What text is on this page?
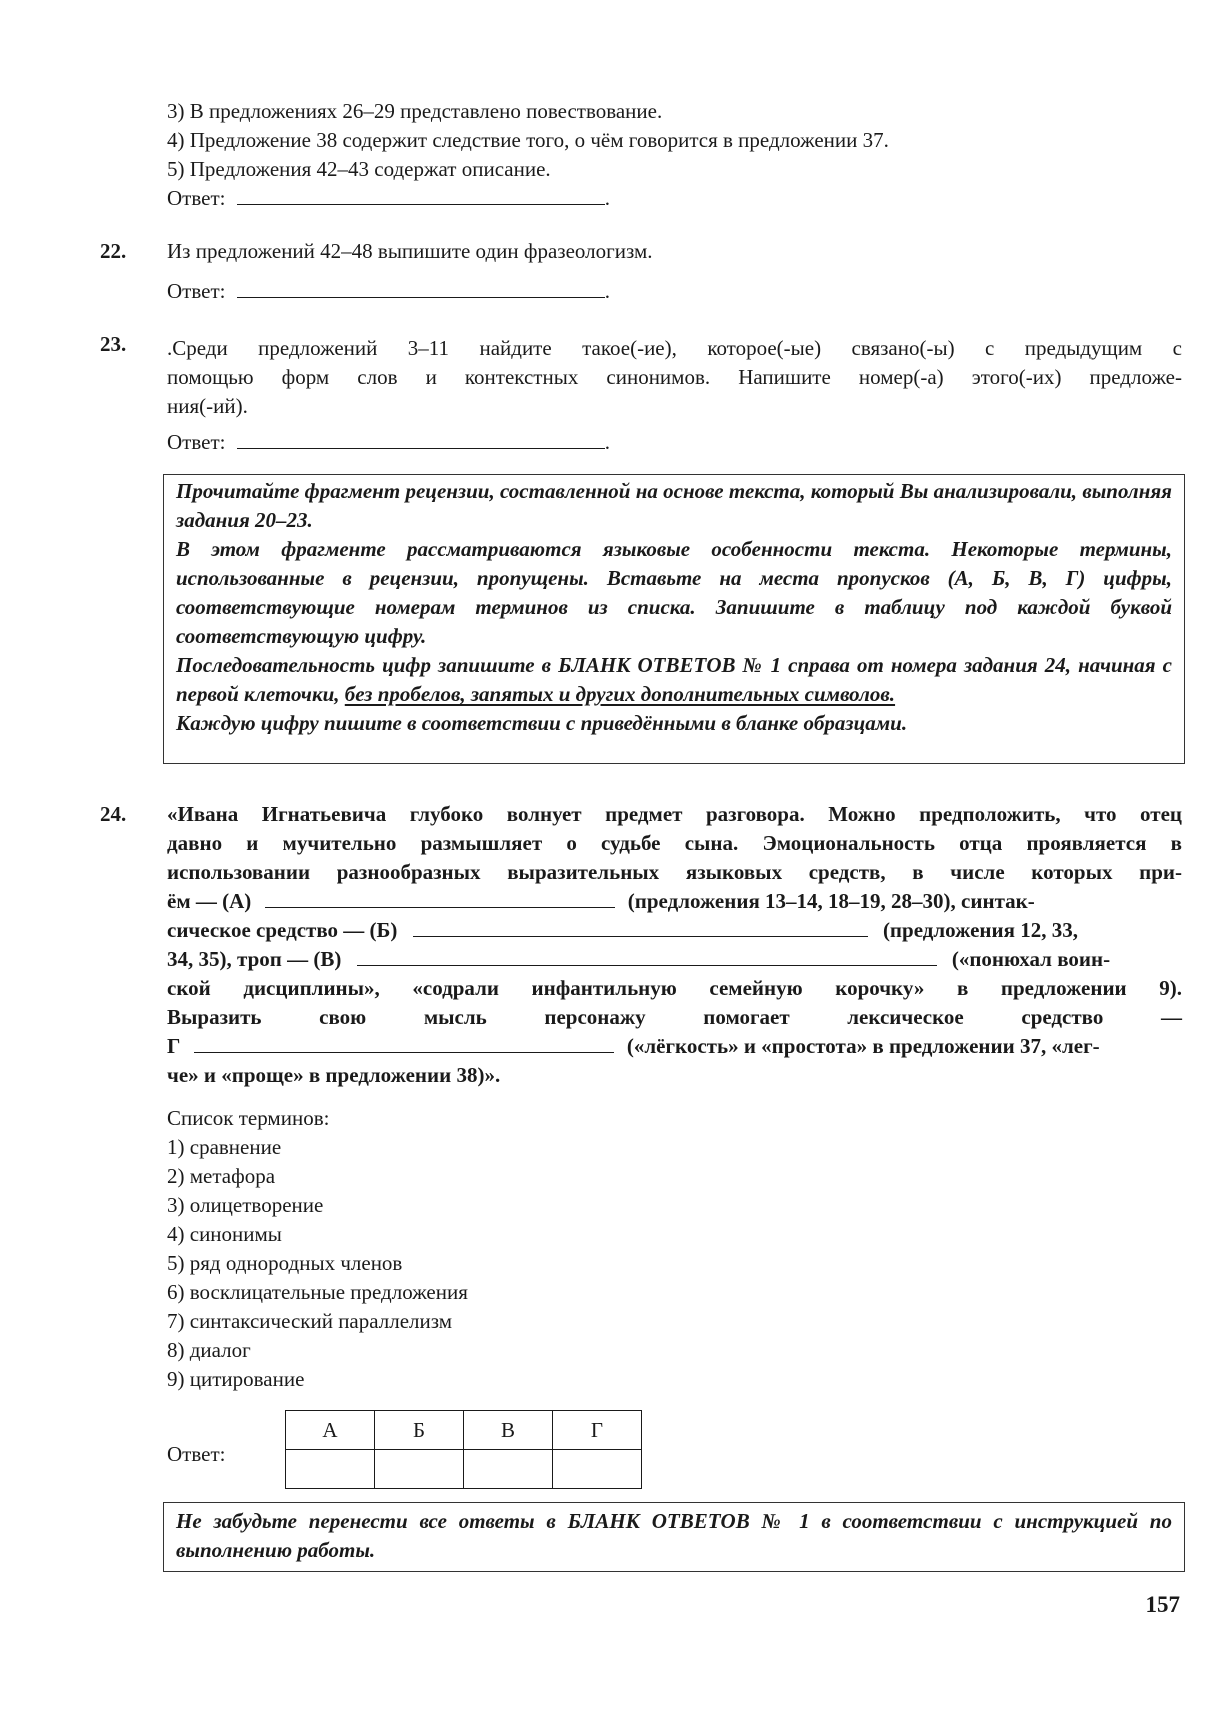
3) В предложениях 26–29 представлено повествование.
4) Предложение 38 содержит следствие того, о чём говорится в предложении 37.
5) Предложения 42–43 содержат описание.
Ответ:	.
22. Из предложений 42–48 выпишите один фразеологизм.
Ответ:	.
23. .Среди предложений 3–11 найдите такое(-ие), которое(-ые) связано(-ы) с предыдущим с
помощью форм слов и контекстных синонимов. Напишите номер(-а) этого(-их) предложе-
ния(-ий).
Ответ:	.

Прочитайте фрагмент рецензии, составленной на основе текста, который Вы анализировали, выполняя задания 20–23.

В этом фрагменте рассматриваются языковые особенности текста. Некоторые термины, использованные в рецензии, пропущены. Вставьте на места пропусков (А, Б, В, Г) цифры, соответствующие номерам терминов из списка. Запишите в таблицу под каждой буквой соответствующую цифру.

Последовательность цифр запишите в БЛАНК ОТВЕТОВ № 1 справа от номера задания 24, начиная с первой клеточки, без пробелов, запятых и других дополнительных символов.

Каждую цифру пишите в соответствии с приведёнными в бланке образцами.

24. «Ивана Игнатьевича глубоко волнует предмет разговора. Можно предположить, что отец
давно и мучительно размышляет о судьбе сына. Эмоциональность отца проявляется в
использовании разнообразных выразительных языковых средств, в числе которых при-
ём — (А)	(предложения 13–14, 18–19, 28–30), синтак-
сическое средство — (Б)	(предложения 12, 33,
34, 35), троп — (В)	(«понюхал воин-
ской дисциплины», «содрали инфантильную семейную корочку» в предложении 9).
Выразить свою мысль персонажу помогает лексическое средство —
Г	(«лёгкость» и «простота» в предложении 37, «лег-
че» и «проще» в предложении 38)».
Список терминов:
1) сравнение
2) метафора
3) олицетворение
4) синонимы
5) ряд однородных членов
6) восклицательные предложения
7) синтаксический параллелизм
8) диалог
9) цитирование
Ответ:
А	Б	В	Г

Не забудьте перенести все ответы в БЛАНК ОТВЕТОВ № 1 в соответствии с инструкцией по выполнению работы.

157
